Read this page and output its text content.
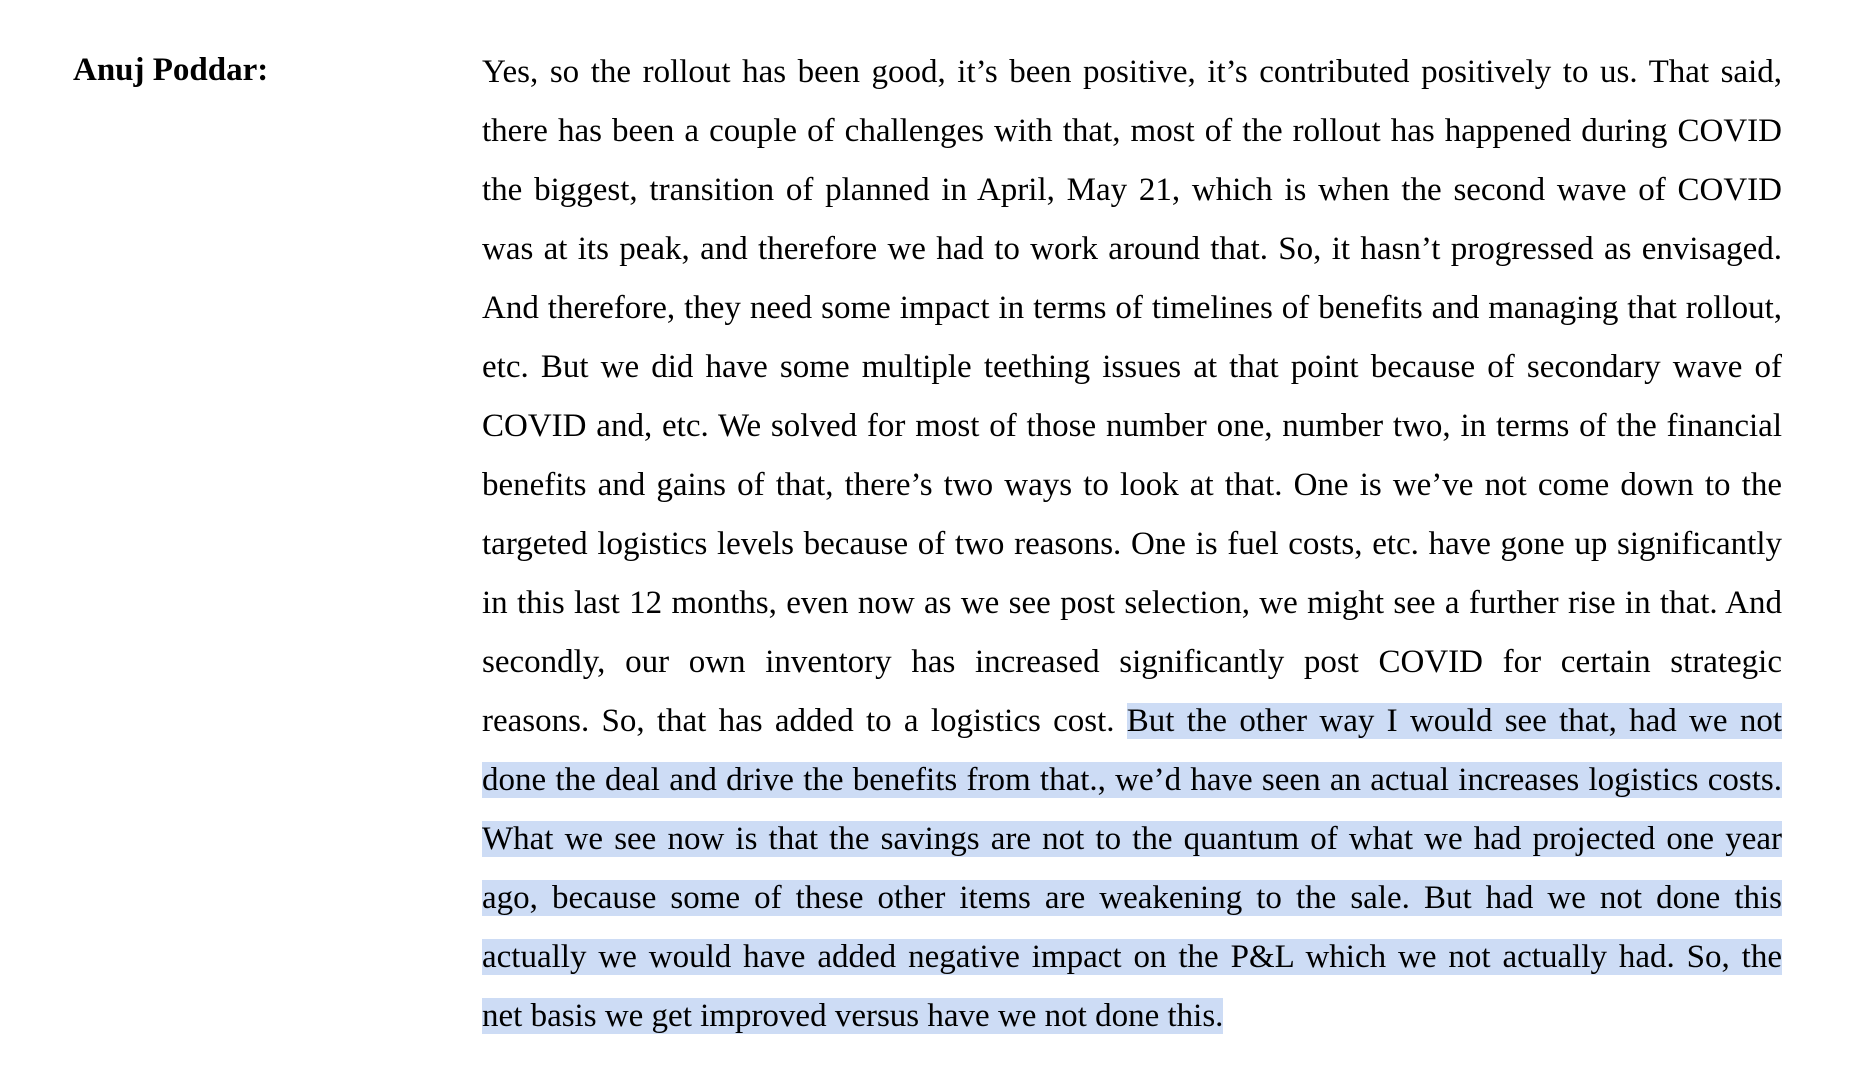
Anuj Poddar:	Yes, so the rollout has been good, it’s been positive, it’s contributed positively to us. That said,
there has been a couple of challenges with that, most of the rollout has happened during COVID
the biggest, transition of planned in April, May 21, which is when the second wave of COVID
was at its peak, and therefore we had to work around that. So, it hasn’t progressed as envisaged.
And therefore, they need some impact in terms of timelines of benefits and managing that rollout,
etc. But we did have some multiple teething issues at that point because of secondary wave of
COVID and, etc. We solved for most of those number one, number two, in terms of the financial
benefits and gains of that, there’s two ways to look at that. One is we’ve not come down to the
targeted logistics levels because of two reasons. One is fuel costs, etc. have gone up significantly
in this last 12 months, even now as we see post selection, we might see a further rise in that. And
secondly, our own inventory has increased significantly post COVID for certain strategic
reasons. So, that has added to a logistics cost. But the other way I would see that, had we not
done the deal and drive the benefits from that., we’d have seen an actual increases logistics costs.
What we see now is that the savings are not to the quantum of what we had projected one year
ago, because some of these other items are weakening to the sale. But had we not done this
actually we would have added negative impact on the P&L which we not actually had. So, the
net basis we get improved versus have we not done this.
